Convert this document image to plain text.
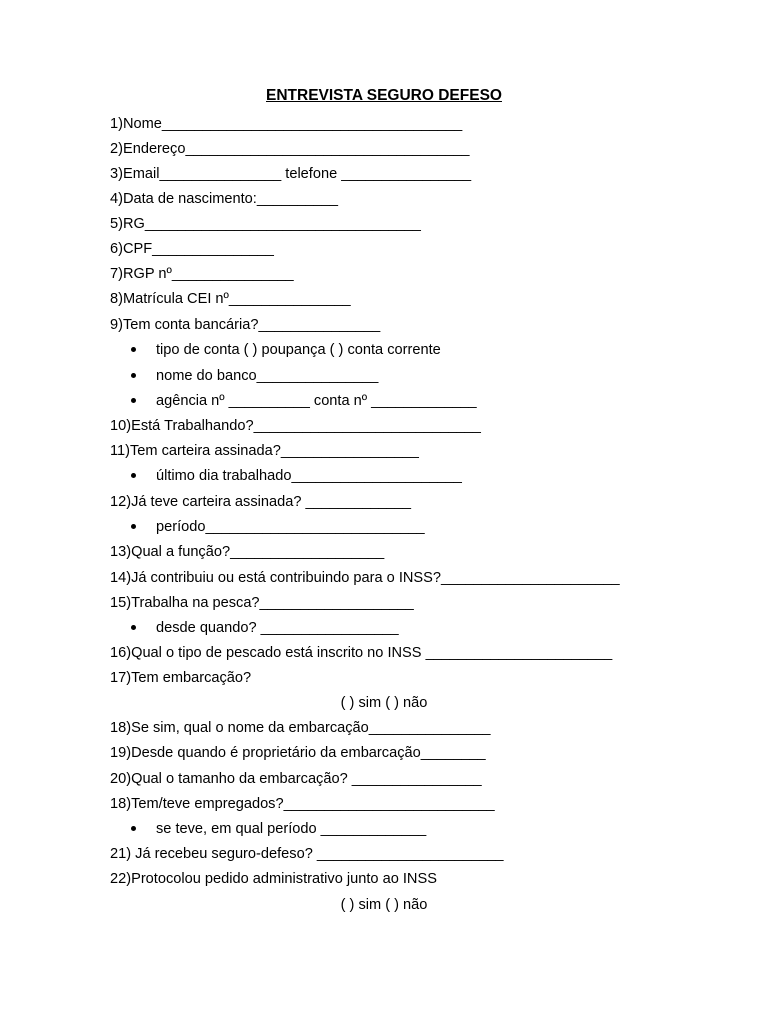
ENTREVISTA SEGURO DEFESO
1)Nome_____________________________________
2)Endereço___________________________________
3)Email_______________ telefone ________________
4)Data de nascimento:__________
5)RG__________________________________
6)CPF_______________
7)RGP nº_______________
8)Matrícula CEI nº_______________
9)Tem conta bancária?_______________
tipo de conta ( ) poupança ( ) conta corrente
nome do banco_______________
agência nº __________ conta nº _____________
10)Está Trabalhando?____________________________
11)Tem carteira assinada?_________________
último dia trabalhado_____________________
12)Já teve carteira assinada? _____________
período___________________________
13)Qual a função?___________________
14)Já contribuiu ou está contribuindo para o INSS?______________________
15)Trabalha na pesca?___________________
desde quando? _________________
16)Qual o tipo de pescado está inscrito no INSS _______________________
17)Tem embarcação?
( ) sim ( ) não
18)Se sim, qual o nome da embarcação_______________
19)Desde quando é proprietário da embarcação________
20)Qual o tamanho da embarcação? ________________
18)Tem/teve empregados?__________________________
se teve, em qual período _____________
21) Já recebeu seguro-defeso? _______________________
22)Protocolou pedido administrativo junto ao INSS
( ) sim ( ) não
